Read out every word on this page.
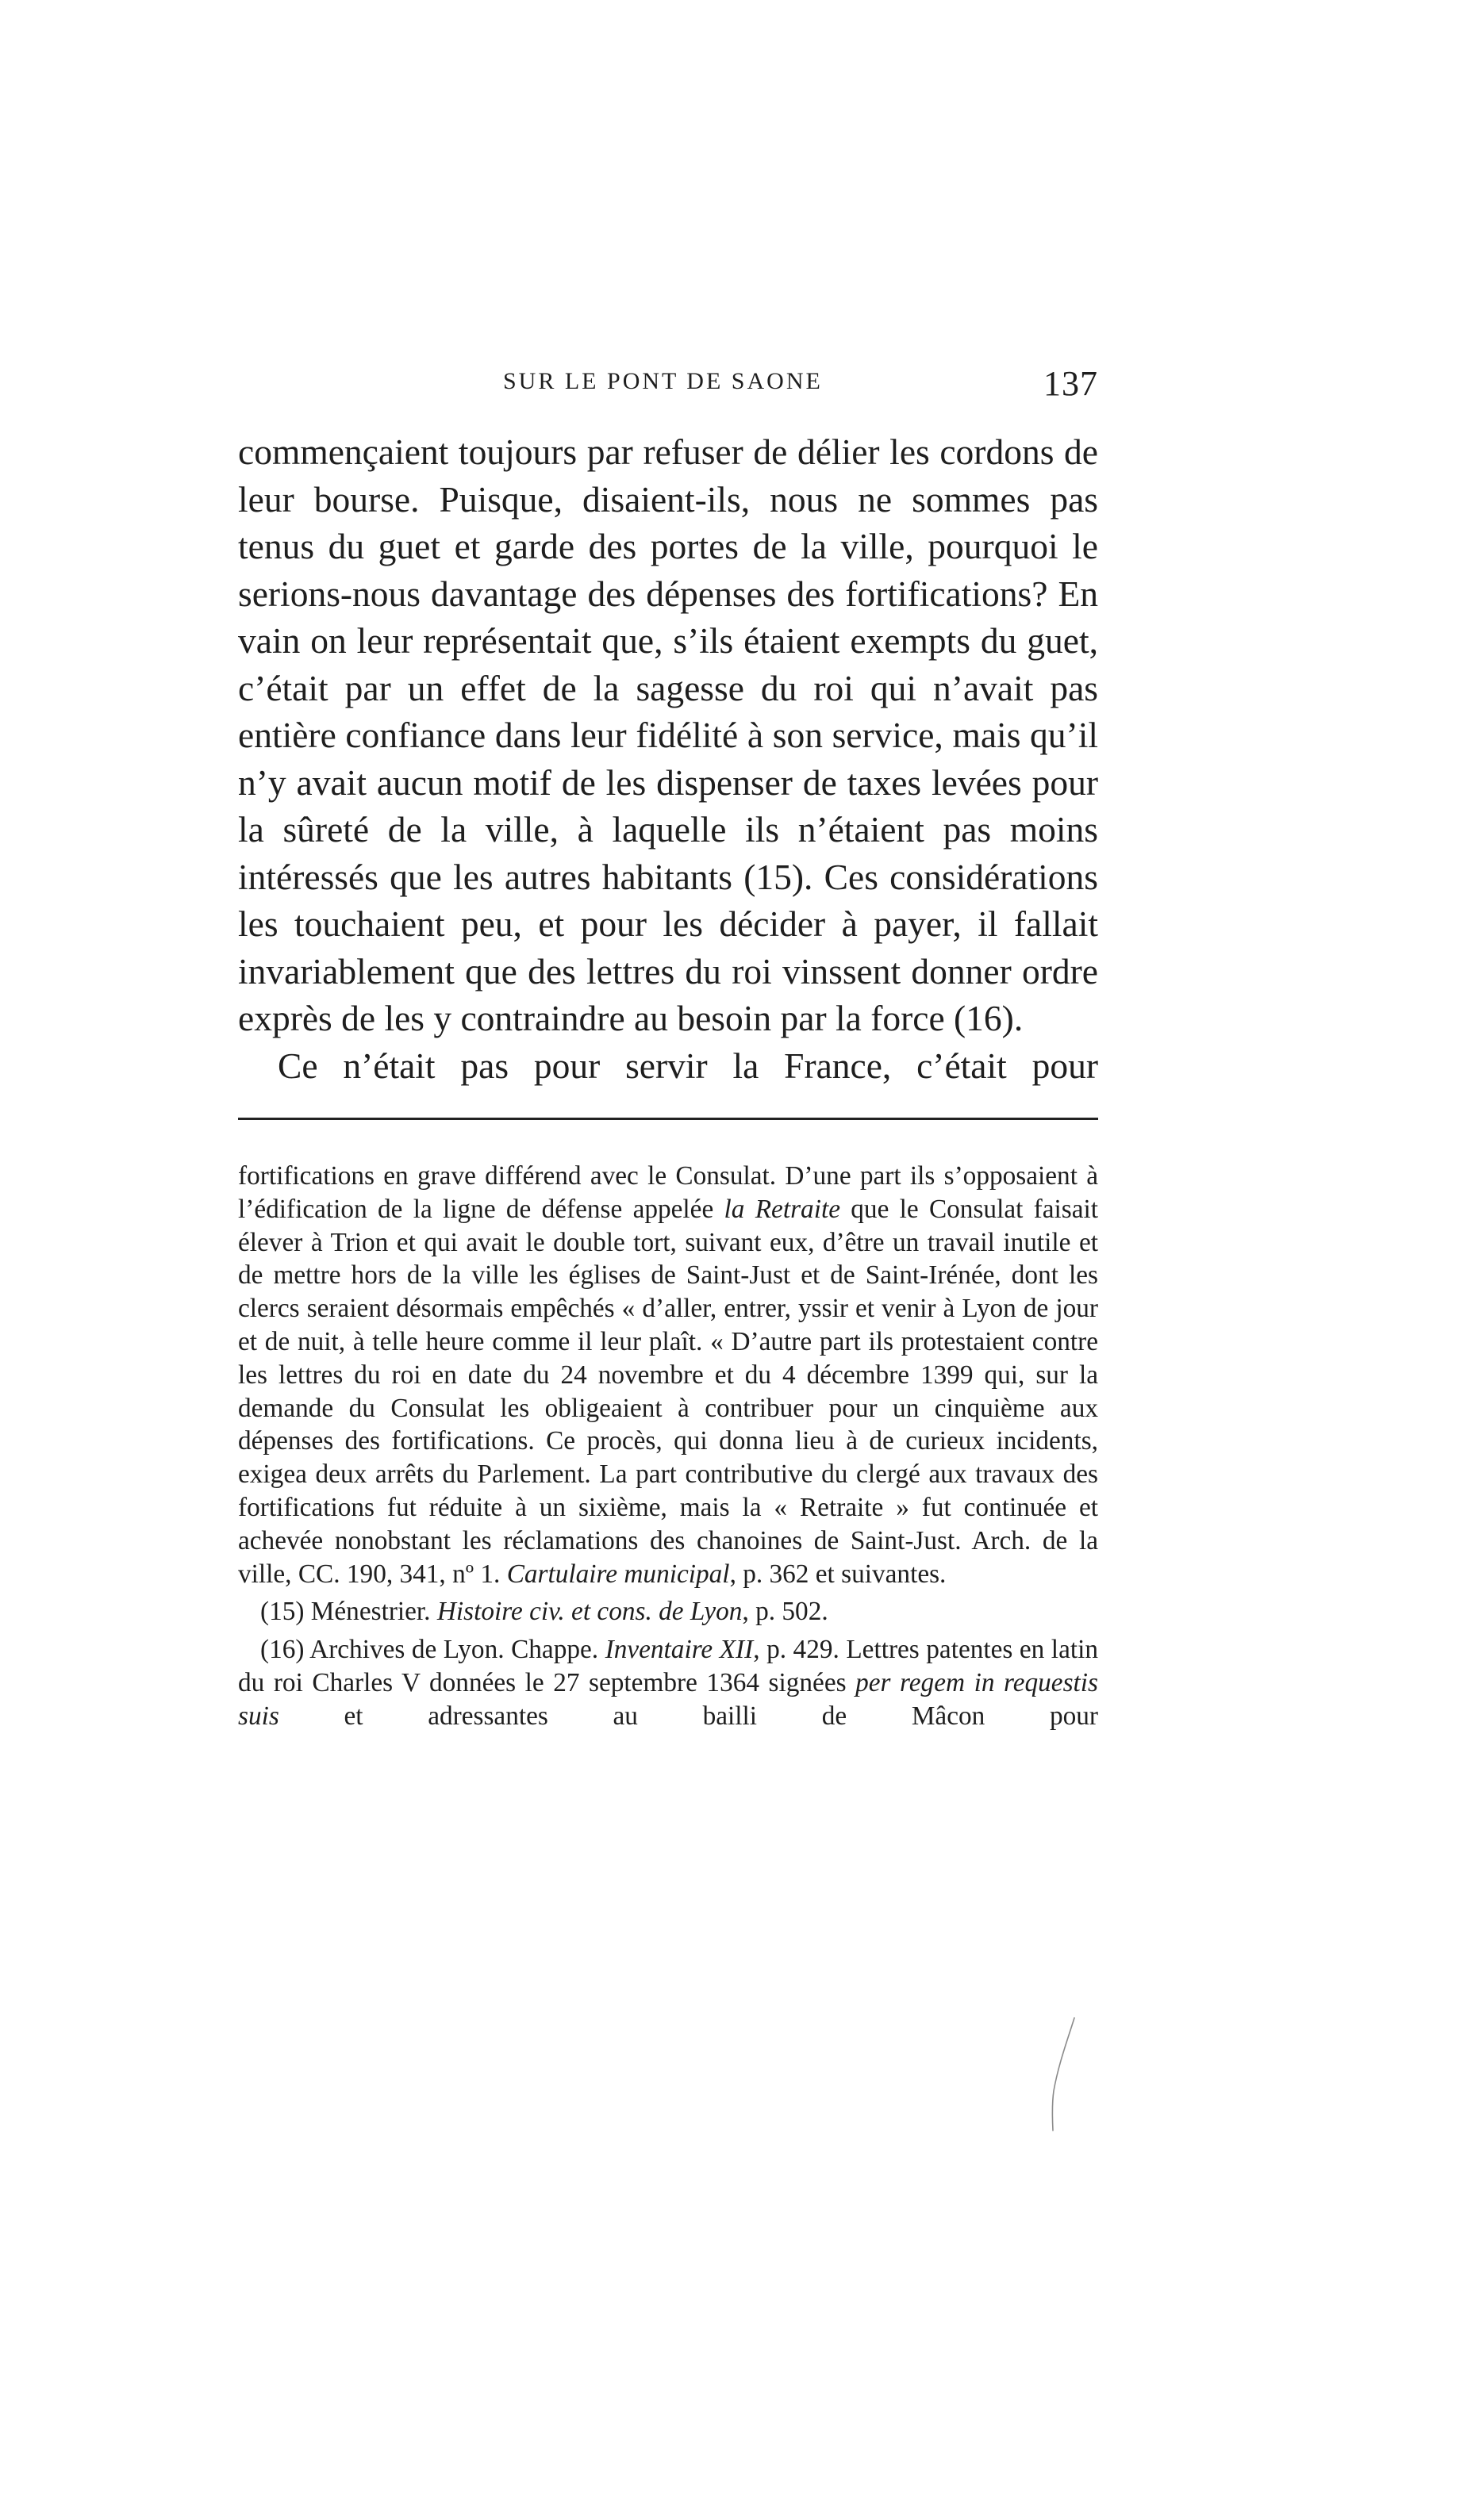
SUR LE PONT DE SAONE	137

commençaient toujours par refuser de délier les cordons de leur bourse. Puisque, disaient-ils, nous ne sommes pas tenus du guet et garde des portes de la ville, pourquoi le serions-nous davantage des dépenses des fortifications? En vain on leur représentait que, s’ils étaient exempts du guet, c’était par un effet de la sagesse du roi qui n’avait pas entière confiance dans leur fidélité à son service, mais qu’il n’y avait aucun motif de les dispenser de taxes levées pour la sûreté de la ville, à laquelle ils n’étaient pas moins intéressés que les autres habitants (15). Ces considérations les touchaient peu, et pour les décider à payer, il fallait invariablement que des lettres du roi vinssent donner ordre exprès de les y contraindre au besoin par la force (16).

Ce n’était pas pour servir la France, c’était pour

fortifications en grave différend avec le Consulat. D’une part ils s’opposaient à l’édification de la ligne de défense appelée la Retraite que le Consulat faisait élever à Trion et qui avait le double tort, suivant eux, d’être un travail inutile et de mettre hors de la ville les églises de Saint-Just et de Saint-Irénée, dont les clercs seraient désormais empêchés « d’aller, entrer, yssir et venir à Lyon de jour et de nuit, à telle heure comme il leur plaît. « D’autre part ils protestaient contre les lettres du roi en date du 24 novembre et du 4 décembre 1399 qui, sur la demande du Consulat les obligeaient à contribuer pour un cinquième aux dépenses des fortifications. Ce procès, qui donna lieu à de curieux incidents, exigea deux arrêts du Parlement. La part contributive du clergé aux travaux des fortifications fut réduite à un sixième, mais la « Retraite » fut continuée et achevée nonobstant les réclamations des chanoines de Saint-Just. Arch. de la ville, CC. 190, 341, nº 1. Cartulaire municipal, p. 362 et suivantes.

(15) Ménestrier. Histoire civ. et cons. de Lyon, p. 502.

(16) Archives de Lyon. Chappe. Inventaire XII, p. 429. Lettres patentes en latin du roi Charles V données le 27 septembre 1364 signées per regem in requestis suis et adressantes au bailli de Mâcon pour
